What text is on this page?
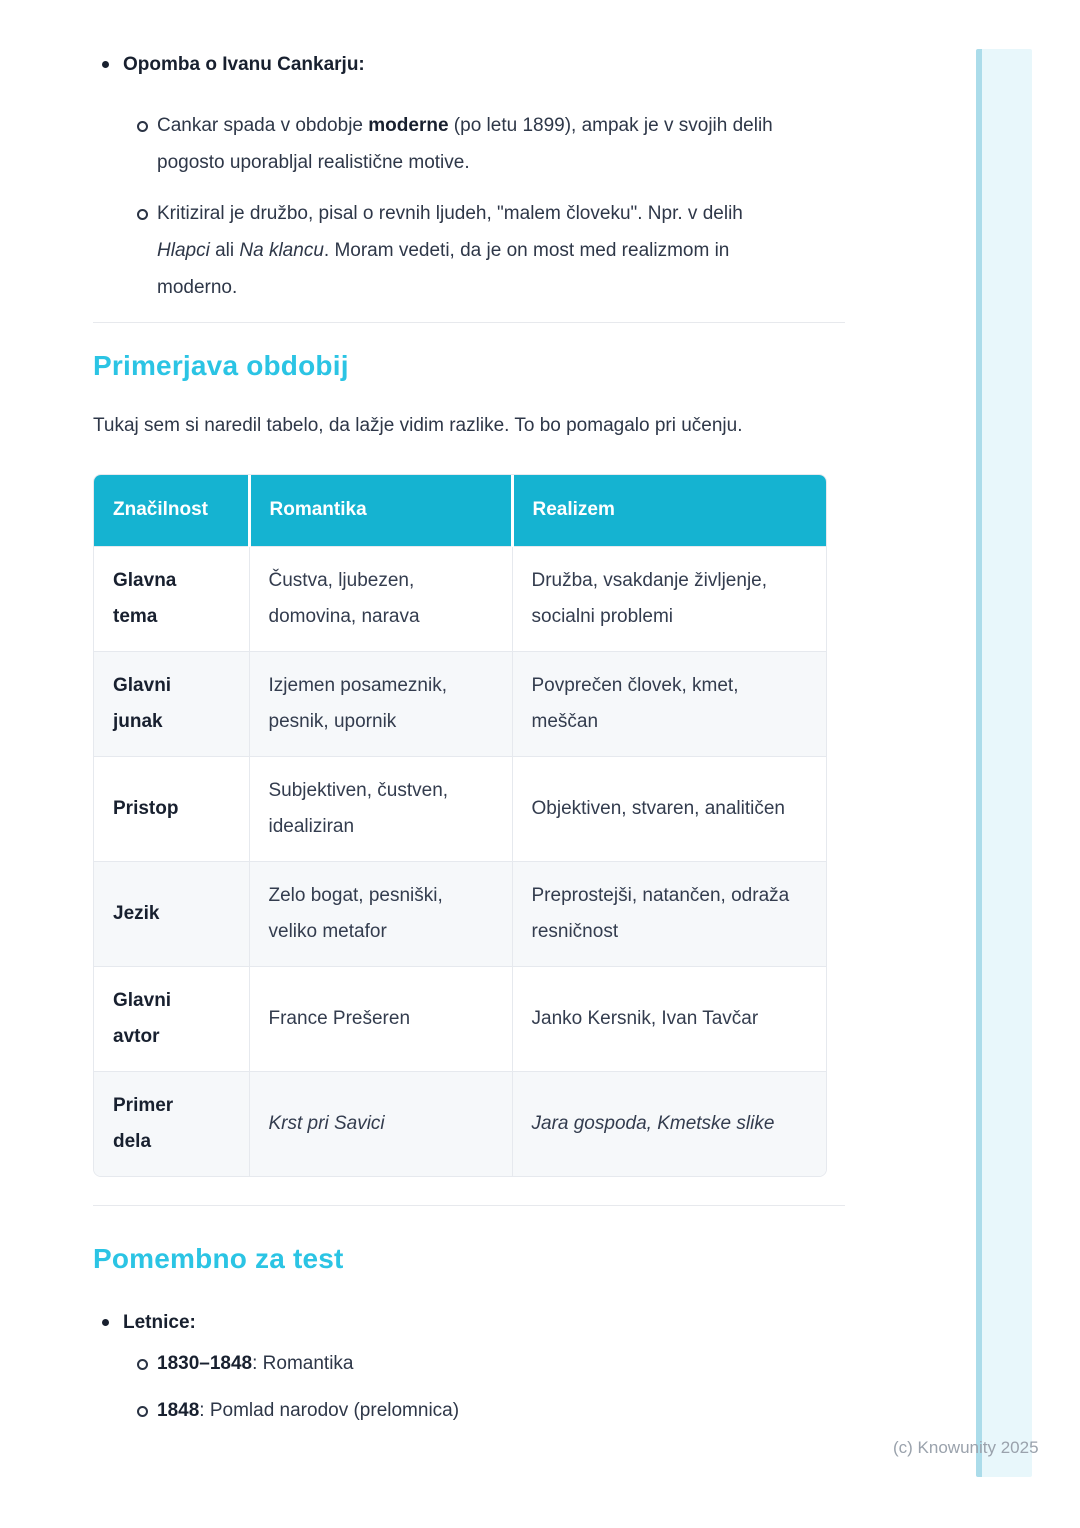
(c) Knowunity 2025
Opomba o Ivanu Cankarju:
Cankar spada v obdobje moderne (po letu 1899), ampak je v svojih delih pogosto uporabljal realistične motive.
Kritiziral je družbo, pisal o revnih ljudeh, "malem človeku". Npr. v delih Hlapci ali Na klancu. Moram vedeti, da je on most med realizmom in moderno.
Primerjava obdobij

Tukaj sem si naredil tabelo, da lažje vidim razlike. To bo pomagalo pri učenju.

Značilnost	Romantika	Realizem
Glavna tema	Čustva, ljubezen, domovina, narava	Družba, vsakdanje življenje, socialni problemi
Glavni junak	Izjemen posameznik, pesnik, upornik	Povprečen človek, kmet, meščan
Pristop	Subjektiven, čustven, idealiziran	Objektiven, stvaren, analitičen
Jezik	Zelo bogat, pesniški, veliko metafor	Preprostejši, natančen, odraža resničnost
Glavni avtor	France Prešeren	Janko Kersnik, Ivan Tavčar
Primer dela	Krst pri Savici	Jara gospoda, Kmetske slike
Pomembno za test
Letnice:
1830–1848: Romantika
1848: Pomlad narodov (prelomnica)
